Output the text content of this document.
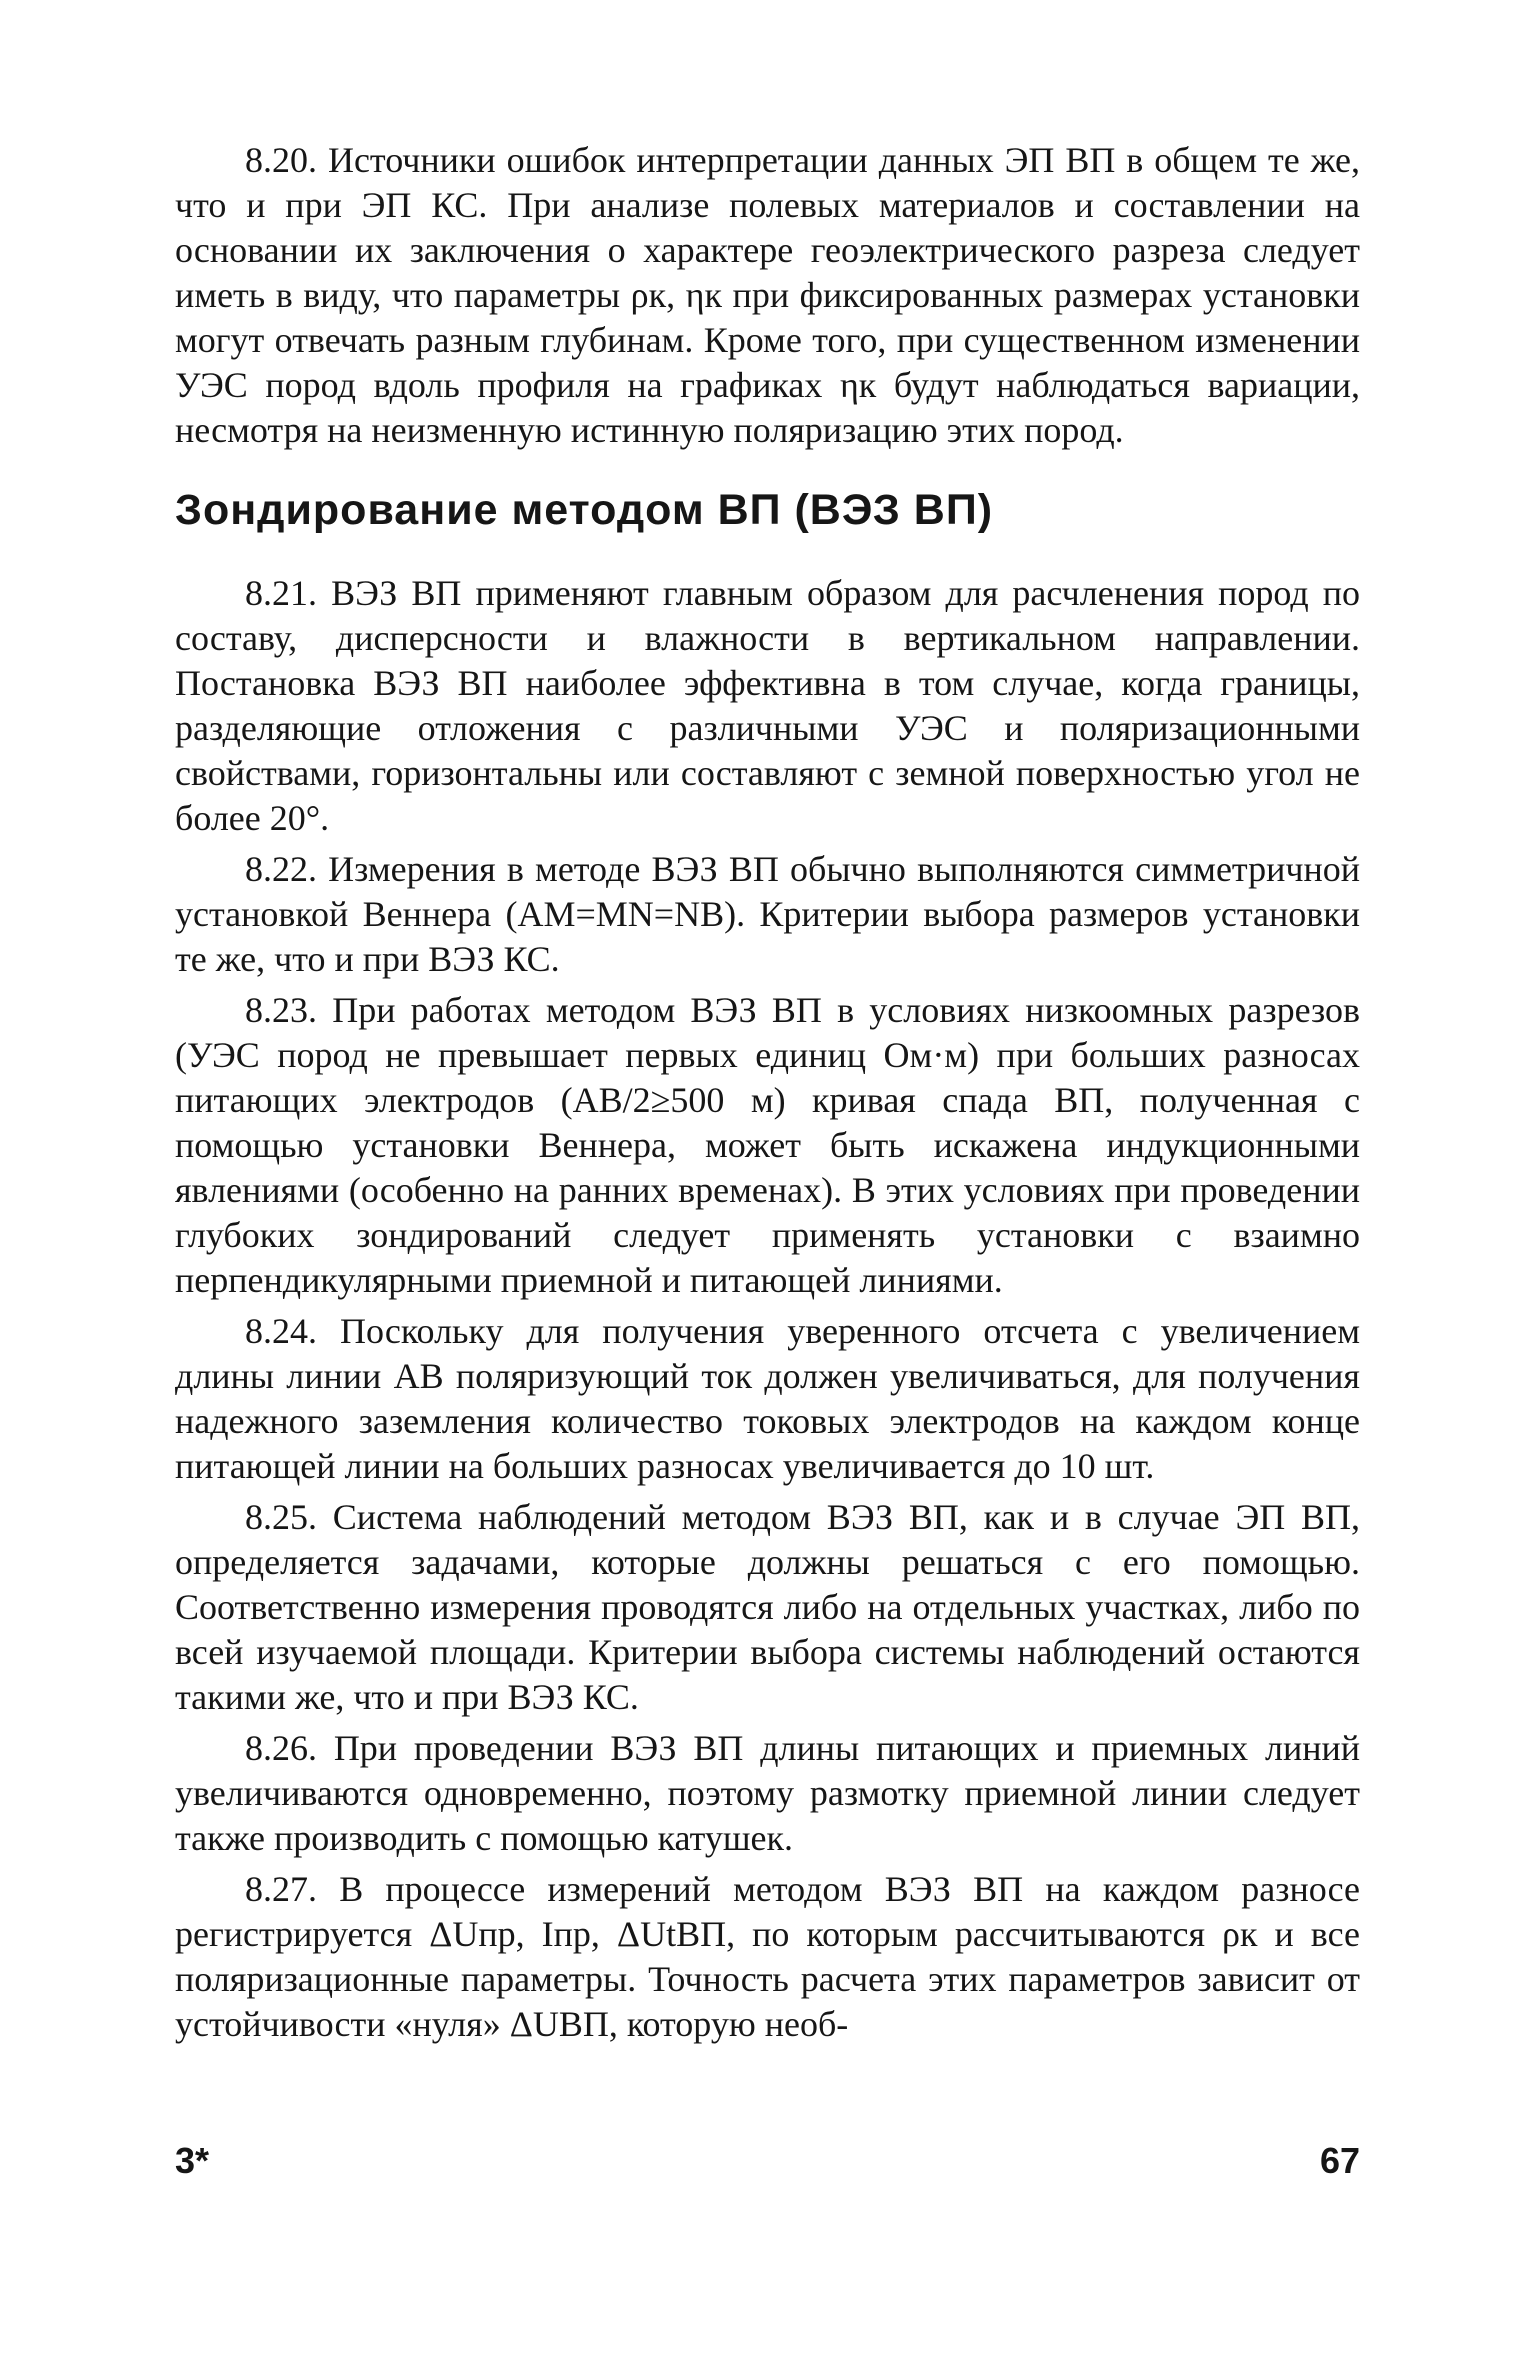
8.20. Источники ошибок интерпретации данных ЭП ВП в общем те же, что и при ЭП КС. При анализе полевых материалов и составлении на основании их заключения о характере геоэлектрического разреза следует иметь в виду, что параметры ρк, ηк при фиксированных размерах установки могут отвечать разным глубинам. Кроме того, при существенном изменении УЭС пород вдоль профиля на графиках ηк будут наблюдаться вариации, несмотря на неизменную истинную поляризацию этих пород.

Зондирование методом ВП (ВЭЗ ВП)

8.21. ВЭЗ ВП применяют главным образом для расчленения пород по составу, дисперсности и влажности в вертикальном направлении. Постановка ВЭЗ ВП наиболее эффективна в том случае, когда границы, разделяющие отложения с различными УЭС и поляризационными свойствами, горизонтальны или составляют с земной поверхностью угол не более 20°.

8.22. Измерения в методе ВЭЗ ВП обычно выполняются симметричной установкой Веннера (AM=MN=NB). Критерии выбора размеров установки те же, что и при ВЭЗ КС.

8.23. При работах методом ВЭЗ ВП в условиях низкоомных разрезов (УЭС пород не превышает первых единиц Ом·м) при больших разносах питающих электродов (AB/2≥500 м) кривая спада ВП, полученная с помощью установки Веннера, может быть искажена индукционными явлениями (особенно на ранних временах). В этих условиях при проведении глубоких зондирований следует применять установки с взаимно перпендикулярными приемной и питающей линиями.

8.24. Поскольку для получения уверенного отсчета с увеличением длины линии AB поляризующий ток должен увеличиваться, для получения надежного заземления количество токовых электродов на каждом конце питающей линии на больших разносах увеличивается до 10 шт.

8.25. Система наблюдений методом ВЭЗ ВП, как и в случае ЭП ВП, определяется задачами, которые должны решаться с его помощью. Соответственно измерения проводятся либо на отдельных участках, либо по всей изучаемой площади. Критерии выбора системы наблюдений остаются такими же, что и при ВЭЗ КС.

8.26. При проведении ВЭЗ ВП длины питающих и приемных линий увеличиваются одновременно, поэтому размотку приемной линии следует также производить с помощью катушек.

8.27. В процессе измерений методом ВЭЗ ВП на каждом разносе регистрируется ΔUпр, Iпр, ΔUtВП, по которым рассчитываются ρк и все поляризационные параметры. Точность расчета этих параметров зависит от устойчивости «нуля» ΔUВП, которую необ-

3*	67
